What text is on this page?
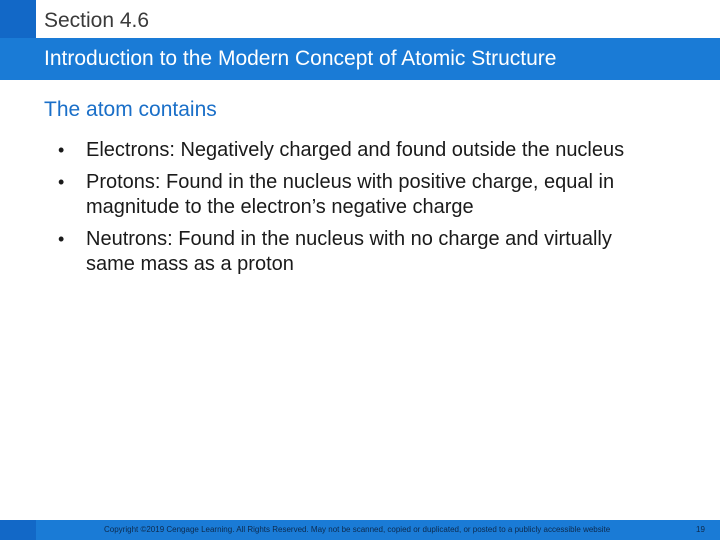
Section 4.6
Introduction to the Modern Concept of Atomic Structure
The atom contains
• Electrons: Negatively charged and found outside the nucleus
• Protons: Found in the nucleus with positive charge, equal in magnitude to the electron’s negative charge
• Neutrons: Found in the nucleus with no charge and virtually same mass as a proton
Copyright ©2019 Cengage Learning. All Rights Reserved. May not be scanned, copied or duplicated, or posted to a publicly accessible website	19
